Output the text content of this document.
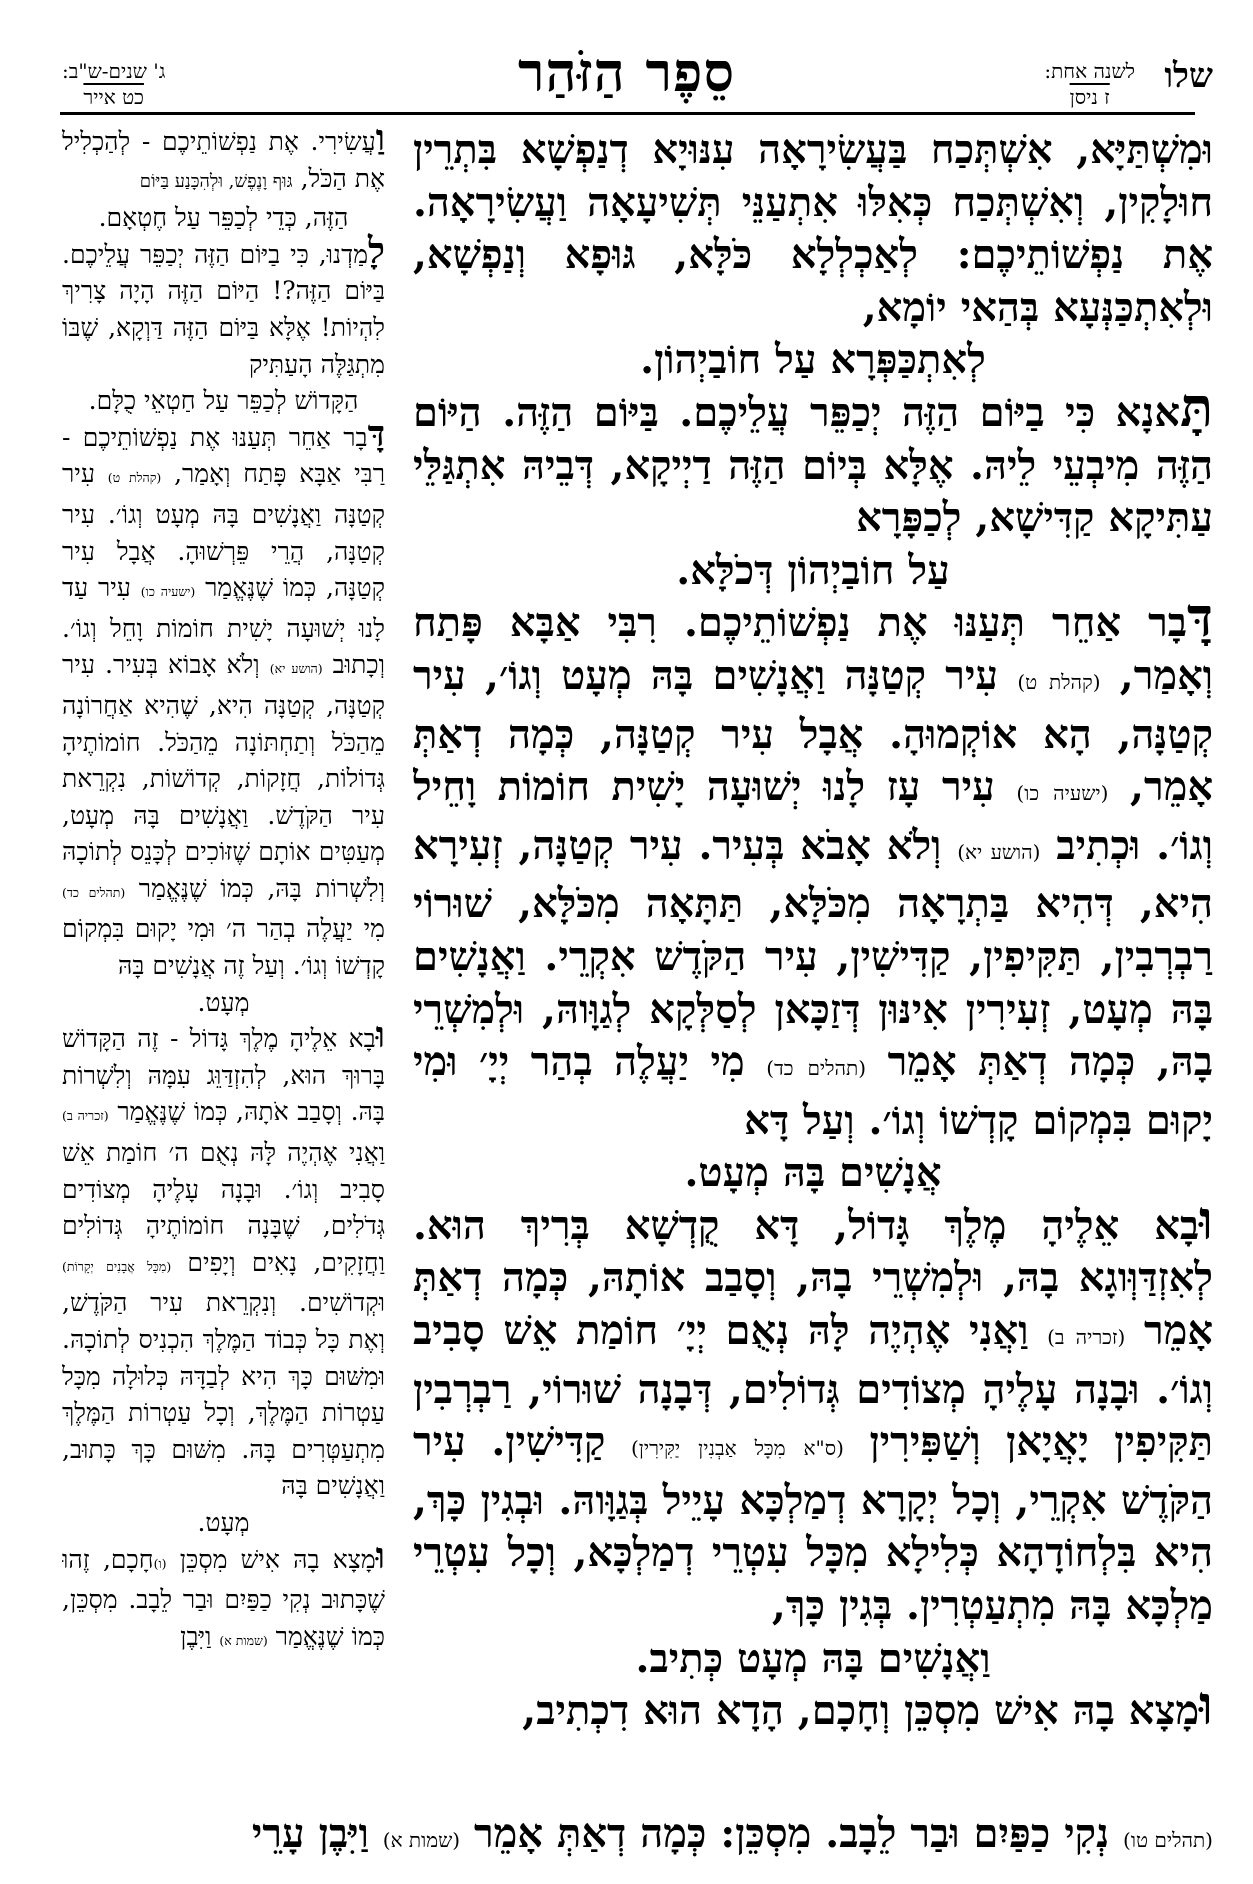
שלו
לשנה אחת:
ז ניסן
סֵפֶר הַזֹּהַר
ג' שנים-ש"ב:
כט אייר

וּמִשְׁתַּיָּא, אִשְׁתְּכַח בַּעֲשִׂירָאָה עִנּוּיָא דְנַפְשָׁא בִּתְרֵין חוּלָקִין, וְאִשְׁתְּכַח כְּאִלּוּ אִתְעַנֵּי תְּשִׁיעָאָה וַעֲשִׂירָאָה. אֶת נַפְשׁוֹתֵיכֶם: לְאַכְלְלָא כֹּלָּא, גּוּפָא וְנַפְשָׁא, וּלְאִתְכַּנְּעָא בְּהַאי יוֹמָא,

לְאִתְכַּפְּרָא עַל חוֹבַיְהוֹן.

תָּאנָא כִּי בַיּוֹם הַזֶּה יְכַפֵּר עֲלֵיכֶם. בַּיּוֹם הַזֶּה. הַיּוֹם הַזֶּה מִיבְעֵי לֵיהּ. אֶלָּא בְּיוֹם הַזֶּה דַיְיקָא, דְּבֵיהּ אִתְגַּלֵּי עַתִּיקָא קַדִּישָׁא, לְכַפָּרָא

עַל חוֹבַיְהוֹן דְּכֹלָּא.

דָּבָר אַחֵר תְּעַנּוּ אֶת נַפְשׁוֹתֵיכֶם. רִבִּי אַבָּא פָּתַח וְאָמַר, (קהלת ט) עִיר קְטַנָּה וַאֲנָשִׁים בָּהּ מְעָט וְגוֹ׳, עִיר קְטַנָּה, הָא אוֹקְמוּהָ. אֲבָל עִיר קְטַנָּה, כְּמָה דְאַתְּ אָמֵר, (ישעיה כו) עִיר עָז לָנוּ יְשׁוּעָה יָשִׁית חוֹמוֹת וָחֵיל וְגוֹ׳. וּכְתִיב (הושע יא) וְלֹא אָבֹא בְּעִיר. עִיר קְטַנָּה, זְעִירָא הִיא, דְּהִיא בַּתְרָאָה מִכֹּלָּא, תַּתָּאָה מִכֹּלָּא, שׁוּרוֹי רַבְרְבִין, תַּקִּיפִין, קַדִּישִׁין, עִיר הַקֹּדֶשׁ אִקְרֵי. וַאֲנָשִׁים בָּהּ מְעָט, זְעִירִין אִינּוּן דְּזַכָּאן לְסַלְּקָא לְגַוָּוהּ, וּלְמִשְׁרֵי בָהּ, כְּמָה דְאַתְּ אָמֵר (תהלים כד) מִי יַעֲלֶה בְהַר יְיָ׳ וּמִי יָקוּם בִּמְקוֹם קָדְשׁוֹ וְגוֹ׳. וְעַל דָּא

אֲנָשִׁים בָּהּ מְעָט.

וּבָא אֵלֶיהָ מֶלֶךְ גָּדוֹל, דָּא קֻדְשָׁא בְּרִיךְ הוּא. לְאִזְדַּוְּוגָא בָהּ, וּלְמִשְׁרֵי בָהּ, וְסָבַב אוֹתָהּ, כְּמָה דְאַתְּ אָמֵר (זכריה ב) וַאֲנִי אֶהְיֶה לָּהּ נְאֻם יְיָ׳ חוֹמַת אֵשׁ סָבִיב וְגוֹ׳. וּבָנָה עָלֶיהָ מְצוֹדִים גְּדוֹלִים, דְּבָנָה שׁוּרוֹי, רַבְרְבִין תַּקִּיפִין יָאֲיָאן וְשַׁפִּירִין (ס"א מִכָּל אַבְנִין יַקִּירִין) קַדִּישִׁין. עִיר הַקֹּדֶשׁ אִקְרֵי, וְכָל יְקָרָא דְמַלְכָּא עָיֵיל בְּגַוָּוהּ. וּבְגִין כָּךְ, הִיא בִּלְחוֹדָהָא כְּלִילָא מִכָּל עִטְרֵי דְמַלְכָּא, וְכָל עִטְרֵי מַלְכָּא בָּהּ מִתְעַטְרִין. בְּגִין כָּךְ,

וַאֲנָשִׁים בָּהּ מְעָט כְּתִיב.

וּמָצָא בָהּ אִישׁ מִסְכֵּן וְחָכָם, הָדָא הוּא דִכְתִיב,

וַעֲשִׂירִי. אֶת נַפְשׁוֹתֵיכֶם - לְהַכְלִיל אֶת הַכֹּל, גּוּף וָנֶפֶשׁ, וּלְהִכָּנַע בַּיּוֹם

הַזֶּה, כְּדֵי לְכַפֵּר עַל חֶטְאָם.

לָמַדְנוּ, כִּי בַיּוֹם הַזֶּה יְכַפֵּר עֲלֵיכֶם. בַּיּוֹם הַזֶּה?! הַיּוֹם הַזֶּה הָיָה צָרִיךְ לִהְיוֹת! אֶלָּא בַּיּוֹם הַזֶּה דַּוְקָא, שֶׁבּוֹ מִתְגַּלֶּה הָעַתִּיק

הַקָּדוֹשׁ לְכַפֵּר עַל חַטְאֵי כֻלָּם.

דָּבָר אַחֵר תְּעַנּוּ אֶת נַפְשׁוֹתֵיכֶם - רַבִּי אַבָּא פָּתַח וְאָמַר, (קהלת ט) עִיר קְטַנָּה וַאֲנָשִׁים בָּהּ מְעָט וְגוֹ׳. עִיר קְטַנָּה, הֲרֵי פֵּרְשׁוּהָ. אֲבָל עִיר קְטַנָּה, כְּמוֹ שֶׁנֶּאֱמַר (ישעיה כו) עִיר עַד לָנוּ יְשׁוּעָה יָשִׁית חוֹמוֹת וָחֵל וְגוֹ׳. וְכָתוּב (הושע יא) וְלֹא אָבוֹא בְּעִיר. עִיר קְטַנָּה, קְטַנָּה הִיא, שֶׁהִיא אַחֲרוֹנָה מֵהַכֹּל וְתַחְתּוֹנָה מֵהַכֹּל. חוֹמוֹתֶיהָ גְּדוֹלוֹת, חֲזָקוֹת, קְדוֹשׁוֹת, נִקְרֵאת עִיר הַקֹּדֶשׁ. וַאֲנָשִׁים בָּהּ מְעָט, מְעַטִּים אוֹתָם שֶׁזּוֹכִים לְכָּנֵס לְתוֹכָהּ וְלִשְׁרוֹת בָּהּ, כְּמוֹ שֶׁנֶּאֱמַר (תהלים כד) מִי יַעֲלֶה בְהַר ה׳ וּמִי יָקוּם בִּמְקוֹם קָדְשׁוֹ וְגוֹ׳. וְעַל זֶה אֲנָשִׁים בָּהּ

מְעָט.

וּבָא אֵלֶיהָ מֶלֶךְ גָּדוֹל - זֶה הַקָּדוֹשׁ בָּרוּךְ הוּא, לְהִזְדַּוֵּג עִמָּהּ וְלִשְׁרוֹת בָּהּ. וְסָבַב אֹתָהּ, כְּמוֹ שֶׁנֶּאֱמַר (זכריה ב) וַאֲנִי אֶהְיֶה לָּהּ נְאֻם ה׳ חוֹמַת אֵשׁ סָבִיב וְגוֹ׳. וּבָנָה עָלֶיהָ מְצוֹדִים גְּדֹלִים, שֶׁבָּנָה חוֹמוֹתֶיהָ גְּדוֹלִים וַחֲזָקִים, נָאִים וְיָפִים (מִכָּל אֲבָנִים יְקָרוֹת) וּקְדוֹשִׁים. וְנִקְרֵאת עִיר הַקֹּדֶשׁ, וְאֶת כָּל כְּבוֹד הַמֶּלֶךְ הִכְנִיס לְתוֹכָהּ. וּמִשּׁוּם כָּךְ הִיא לְבַדָּהּ כְּלוּלָה מִכָּל עַטְרוֹת הַמֶּלֶךְ, וְכָל עַטְרוֹת הַמֶּלֶךְ מִתְעַטְּרִים בָּהּ. מִשּׁוּם כָּךְ כָּתוּב, וַאֲנָשִׁים בָּהּ

מְעָט.

וּמָצָא בָהּ אִישׁ מִסְכֵּן (ו)חָכָם, זֶהוּ שֶׁכָּתוּב נְקִי כַפַּיִם וּבַר לֵבָב. מִסְכֵּן, כְּמוֹ שֶׁנֶּאֱמַר (שמות א) וַיִּבֶן

(תהלים טו) נְקִי כַפַּיִם וּבַר לֵבָב. מִסְכֵּן: כְּמָה דְאַתְּ אָמֵר (שמות א) וַיִּבֶן עָרֵי
